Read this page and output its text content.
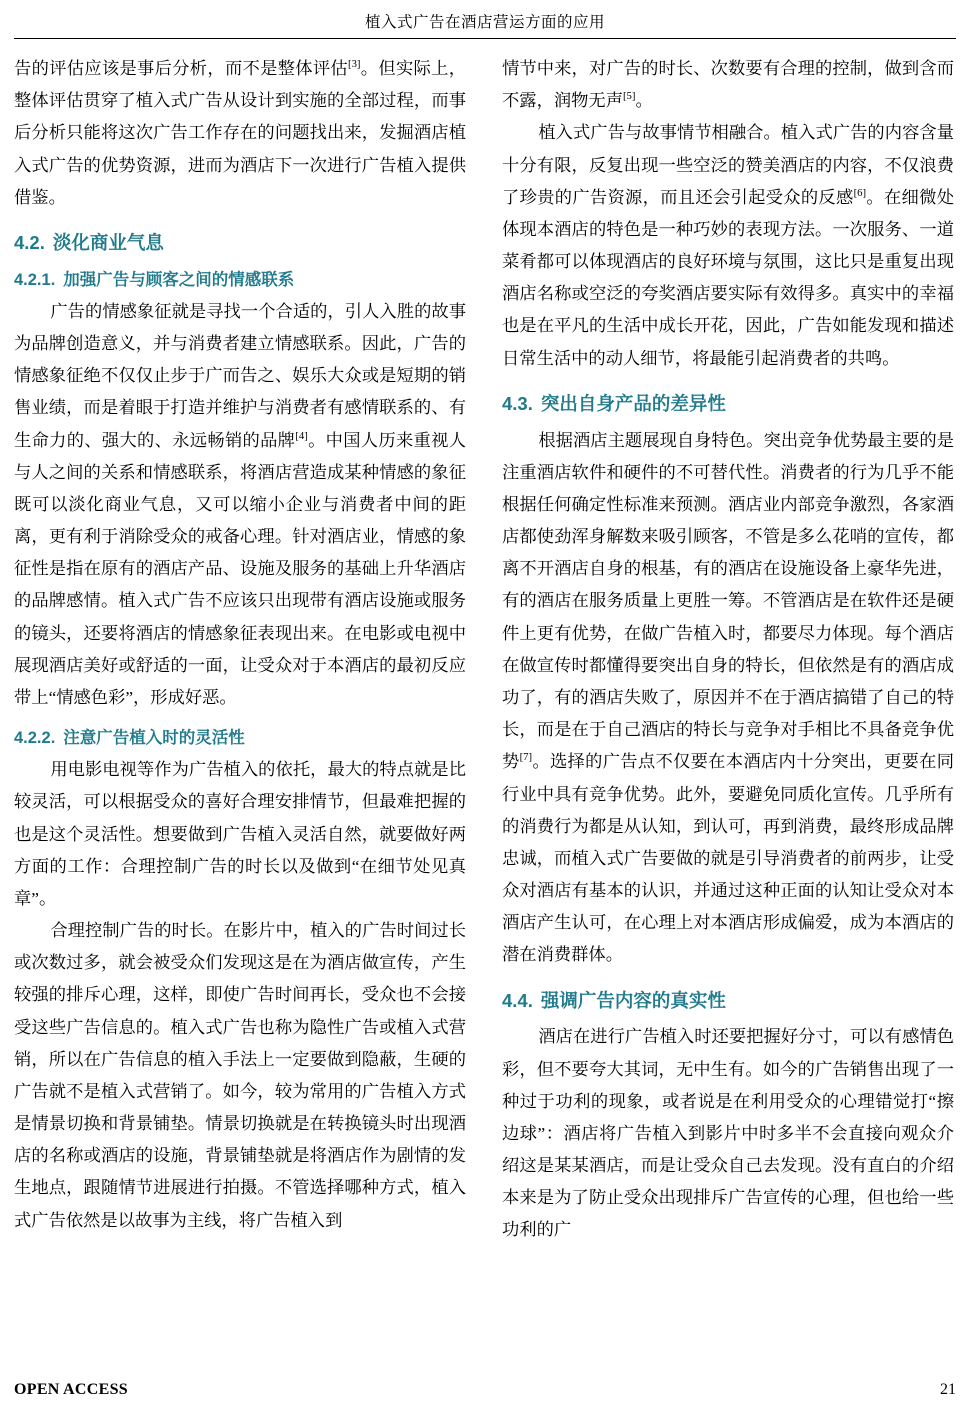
植入式广告在酒店营运方面的应用

告的评估应该是事后分析，而不是整体评估[3]。但实际上，整体评估贯穿了植入式广告从设计到实施的全部过程，而事后分析只能将这次广告工作存在的问题找出来，发掘酒店植入式广告的优势资源，进而为酒店下一次进行广告植入提供借鉴。

4.2. 淡化商业气息
4.2.1. 加强广告与顾客之间的情感联系

广告的情感象征就是寻找一个合适的，引人入胜的故事为品牌创造意义，并与消费者建立情感联系。因此，广告的情感象征绝不仅仅止步于广而告之、娱乐大众或是短期的销售业绩，而是着眼于打造并维护与消费者有感情联系的、有生命力的、强大的、永远畅销的品牌[4]。中国人历来重视人与人之间的关系和情感联系，将酒店营造成某种情感的象征既可以淡化商业气息，又可以缩小企业与消费者中间的距离，更有利于消除受众的戒备心理。针对酒店业，情感的象征性是指在原有的酒店产品、设施及服务的基础上升华酒店的品牌感情。植入式广告不应该只出现带有酒店设施或服务的镜头，还要将酒店的情感象征表现出来。在电影或电视中展现酒店美好或舒适的一面，让受众对于本酒店的最初反应带上“情感色彩”，形成好恶。

4.2.2. 注意广告植入时的灵活性

用电影电视等作为广告植入的依托，最大的特点就是比较灵活，可以根据受众的喜好合理安排情节，但最难把握的也是这个灵活性。想要做到广告植入灵活自然，就要做好两方面的工作：合理控制广告的时长以及做到“在细节处见真章”。

合理控制广告的时长。在影片中，植入的广告时间过长或次数过多，就会被受众们发现这是在为酒店做宣传，产生较强的排斥心理，这样，即使广告时间再长，受众也不会接受这些广告信息的。植入式广告也称为隐性广告或植入式营销，所以在广告信息的植入手法上一定要做到隐蔽，生硬的广告就不是植入式营销了。如今，较为常用的广告植入方式是情景切换和背景铺垫。情景切换就是在转换镜头时出现酒店的名称或酒店的设施，背景铺垫就是将酒店作为剧情的发生地点，跟随情节进展进行拍摄。不管选择哪种方式，植入式广告依然是以故事为主线，将广告植入到

情节中来，对广告的时长、次数要有合理的控制，做到含而不露，润物无声[5]。

植入式广告与故事情节相融合。植入式广告的内容含量十分有限，反复出现一些空泛的赞美酒店的内容，不仅浪费了珍贵的广告资源，而且还会引起受众的反感[6]。在细微处体现本酒店的特色是一种巧妙的表现方法。一次服务、一道菜肴都可以体现酒店的良好环境与氛围，这比只是重复出现酒店名称或空泛的夸奖酒店要实际有效得多。真实中的幸福也是在平凡的生活中成长开花，因此，广告如能发现和描述日常生活中的动人细节，将最能引起消费者的共鸣。

4.3. 突出自身产品的差异性

根据酒店主题展现自身特色。突出竞争优势最主要的是注重酒店软件和硬件的不可替代性。消费者的行为几乎不能根据任何确定性标准来预测。酒店业内部竞争激烈，各家酒店都使劲浑身解数来吸引顾客，不管是多么花哨的宣传，都离不开酒店自身的根基，有的酒店在设施设备上豪华先进，有的酒店在服务质量上更胜一筹。不管酒店是在软件还是硬件上更有优势，在做广告植入时，都要尽力体现。每个酒店在做宣传时都懂得要突出自身的特长，但依然是有的酒店成功了，有的酒店失败了，原因并不在于酒店搞错了自己的特长，而是在于自己酒店的特长与竞争对手相比不具备竞争优势[7]。选择的广告点不仅要在本酒店内十分突出，更要在同行业中具有竞争优势。此外，要避免同质化宣传。几乎所有的消费行为都是从认知，到认可，再到消费，最终形成品牌忠诚，而植入式广告要做的就是引导消费者的前两步，让受众对酒店有基本的认识，并通过这种正面的认知让受众对本酒店产生认可，在心理上对本酒店形成偏爱，成为本酒店的潜在消费群体。

4.4. 强调广告内容的真实性

酒店在进行广告植入时还要把握好分寸，可以有感情色彩，但不要夸大其词，无中生有。如今的广告销售出现了一种过于功利的现象，或者说是在利用受众的心理错觉打“擦边球”：酒店将广告植入到影片中时多半不会直接向观众介绍这是某某酒店，而是让受众自己去发现。没有直白的介绍本来是为了防止受众出现排斥广告宣传的心理，但也给一些功利的广

OPEN ACCESS	21
